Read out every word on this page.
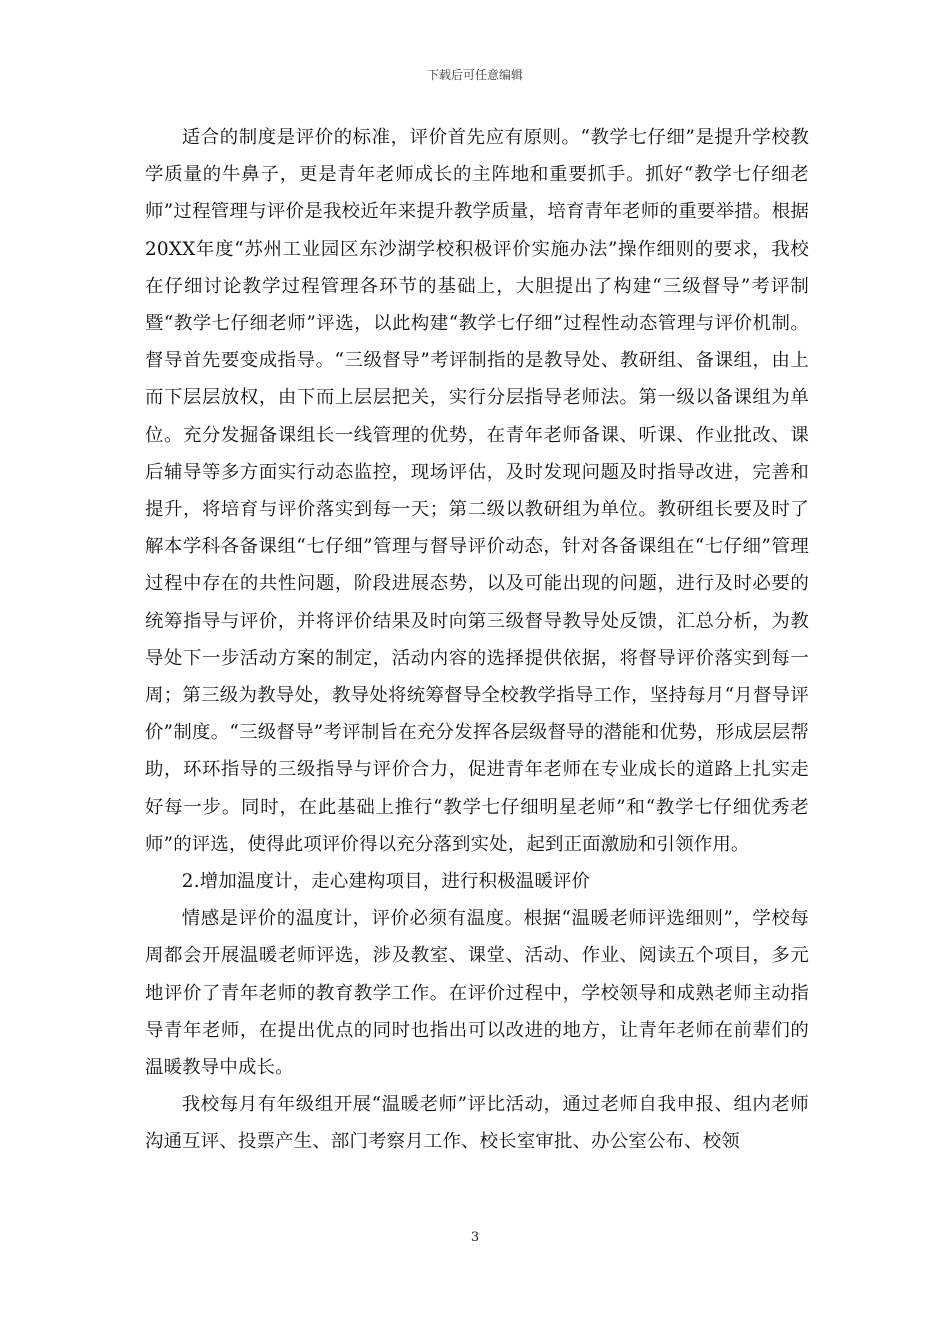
下载后可任意编辑

适合的制度是评价的标准，评价首先应有原则。“教学七仔细”是提升学校教学质量的牛鼻子，更是青年老师成长的主阵地和重要抓手。抓好“教学七仔细老师”过程管理与评价是我校近年来提升教学质量，培育青年老师的重要举措。根据20XX年度“苏州工业园区东沙湖学校积极评价实施办法”操作细则的要求，我校在仔细讨论教学过程管理各环节的基础上，大胆提出了构建“三级督导”考评制暨“教学七仔细老师”评选，以此构建“教学七仔细”过程性动态管理与评价机制。督导首先要变成指导。“三级督导”考评制指的是教导处、教研组、备课组，由上而下层层放权，由下而上层层把关，实行分层指导老师法。第一级以备课组为单位。充分发掘备课组长一线管理的优势，在青年老师备课、听课、作业批改、课后辅导等多方面实行动态监控，现场评估，及时发现问题及时指导改进，完善和提升，将培育与评价落实到每一天；第二级以教研组为单位。教研组长要及时了解本学科各备课组“七仔细”管理与督导评价动态，针对各备课组在“七仔细”管理过程中存在的共性问题，阶段进展态势，以及可能出现的问题，进行及时必要的统筹指导与评价，并将评价结果及时向第三级督导教导处反馈，汇总分析，为教导处下一步活动方案的制定，活动内容的选择提供依据，将督导评价落实到每一周；第三级为教导处，教导处将统筹督导全校教学指导工作，坚持每月“月督导评价”制度。“三级督导”考评制旨在充分发挥各层级督导的潜能和优势，形成层层帮助，环环指导的三级指导与评价合力，促进青年老师在专业成长的道路上扎实走好每一步。同时，在此基础上推行“教学七仔细明星老师”和“教学七仔细优秀老师”的评选，使得此项评价得以充分落到实处，起到正面激励和引领作用。

2.增加温度计，走心建构项目，进行积极温暖评价

情感是评价的温度计，评价必须有温度。根据“温暖老师评选细则”，学校每周都会开展温暖老师评选，涉及教室、课堂、活动、作业、阅读五个项目，多元地评价了青年老师的教育教学工作。在评价过程中，学校领导和成熟老师主动指导青年老师，在提出优点的同时也指出可以改进的地方，让青年老师在前辈们的温暖教导中成长。

我校每月有年级组开展“温暖老师”评比活动，通过老师自我申报、组内老师沟通互评、投票产生、部门考察月工作、校长室审批、办公室公布、校领

3
